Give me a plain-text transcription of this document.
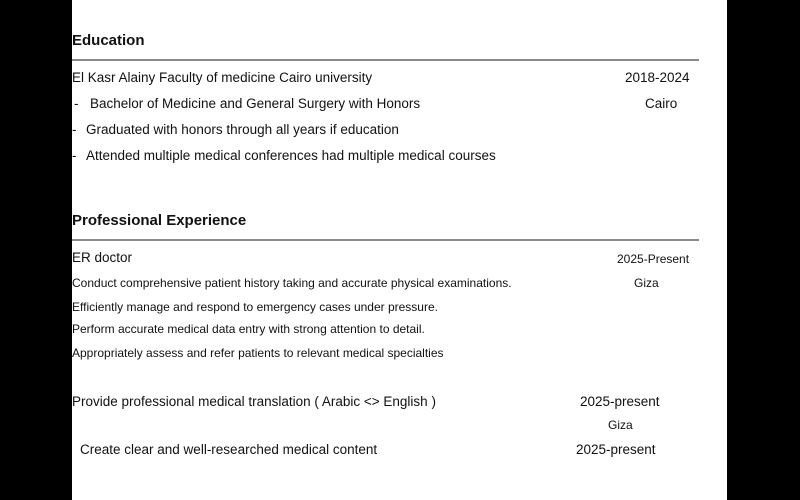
Education
El Kasr Alainy Faculty of medicine Cairo university	2018-2024
Cairo
- Bachelor of Medicine and General Surgery with Honors
- Graduated with honors through all years if education
- Attended multiple medical conferences had multiple medical courses
Professional Experience
ER doctor	2025-Present
Giza
Conduct comprehensive patient history taking and accurate physical examinations.
Efficiently manage and respond to emergency cases under pressure.
Perform accurate medical data entry with strong attention to detail.
Appropriately assess and refer patients to relevant medical specialties
Provide professional medical translation ( Arabic <> English )	2025-present
Giza
Create clear and well-researched medical content	2025-present
